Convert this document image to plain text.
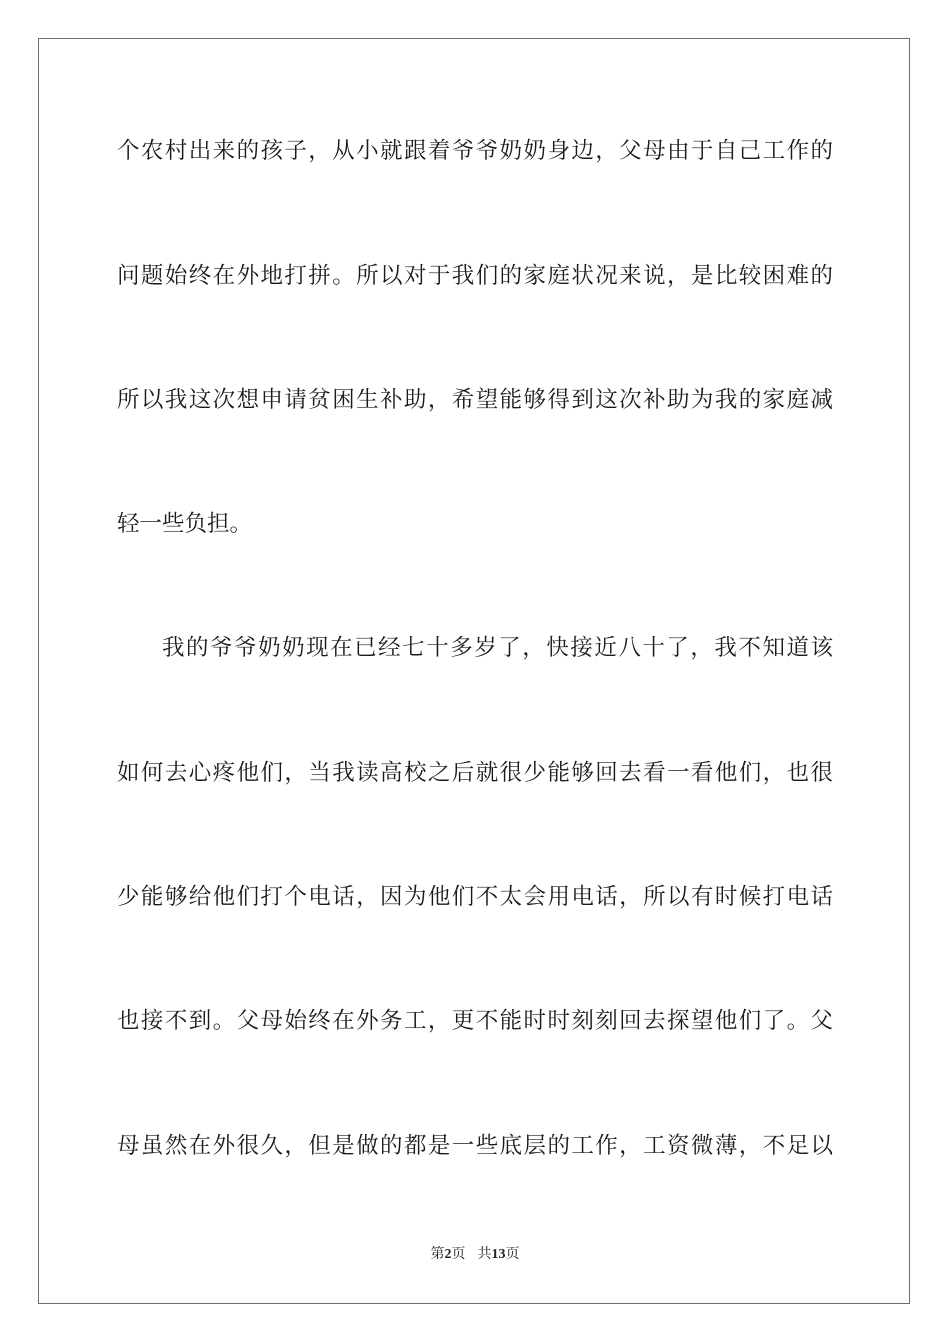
个农村出来的孩子，从小就跟着爷爷奶奶身边，父母由于自己工作的
问题始终在外地打拼。所以对于我们的家庭状况来说，是比较困难的
所以我这次想申请贫困生补助，希望能够得到这次补助为我的家庭减
轻一些负担。
我的爷爷奶奶现在已经七十多岁了，快接近八十了，我不知道该
如何去心疼他们，当我读高校之后就很少能够回去看一看他们，也很
少能够给他们打个电话，因为他们不太会用电话，所以有时候打电话
也接不到。父母始终在外务工，更不能时时刻刻回去探望他们了。父
母虽然在外很久，但是做的都是一些底层的工作，工资微薄，不足以
第2页 共13页
